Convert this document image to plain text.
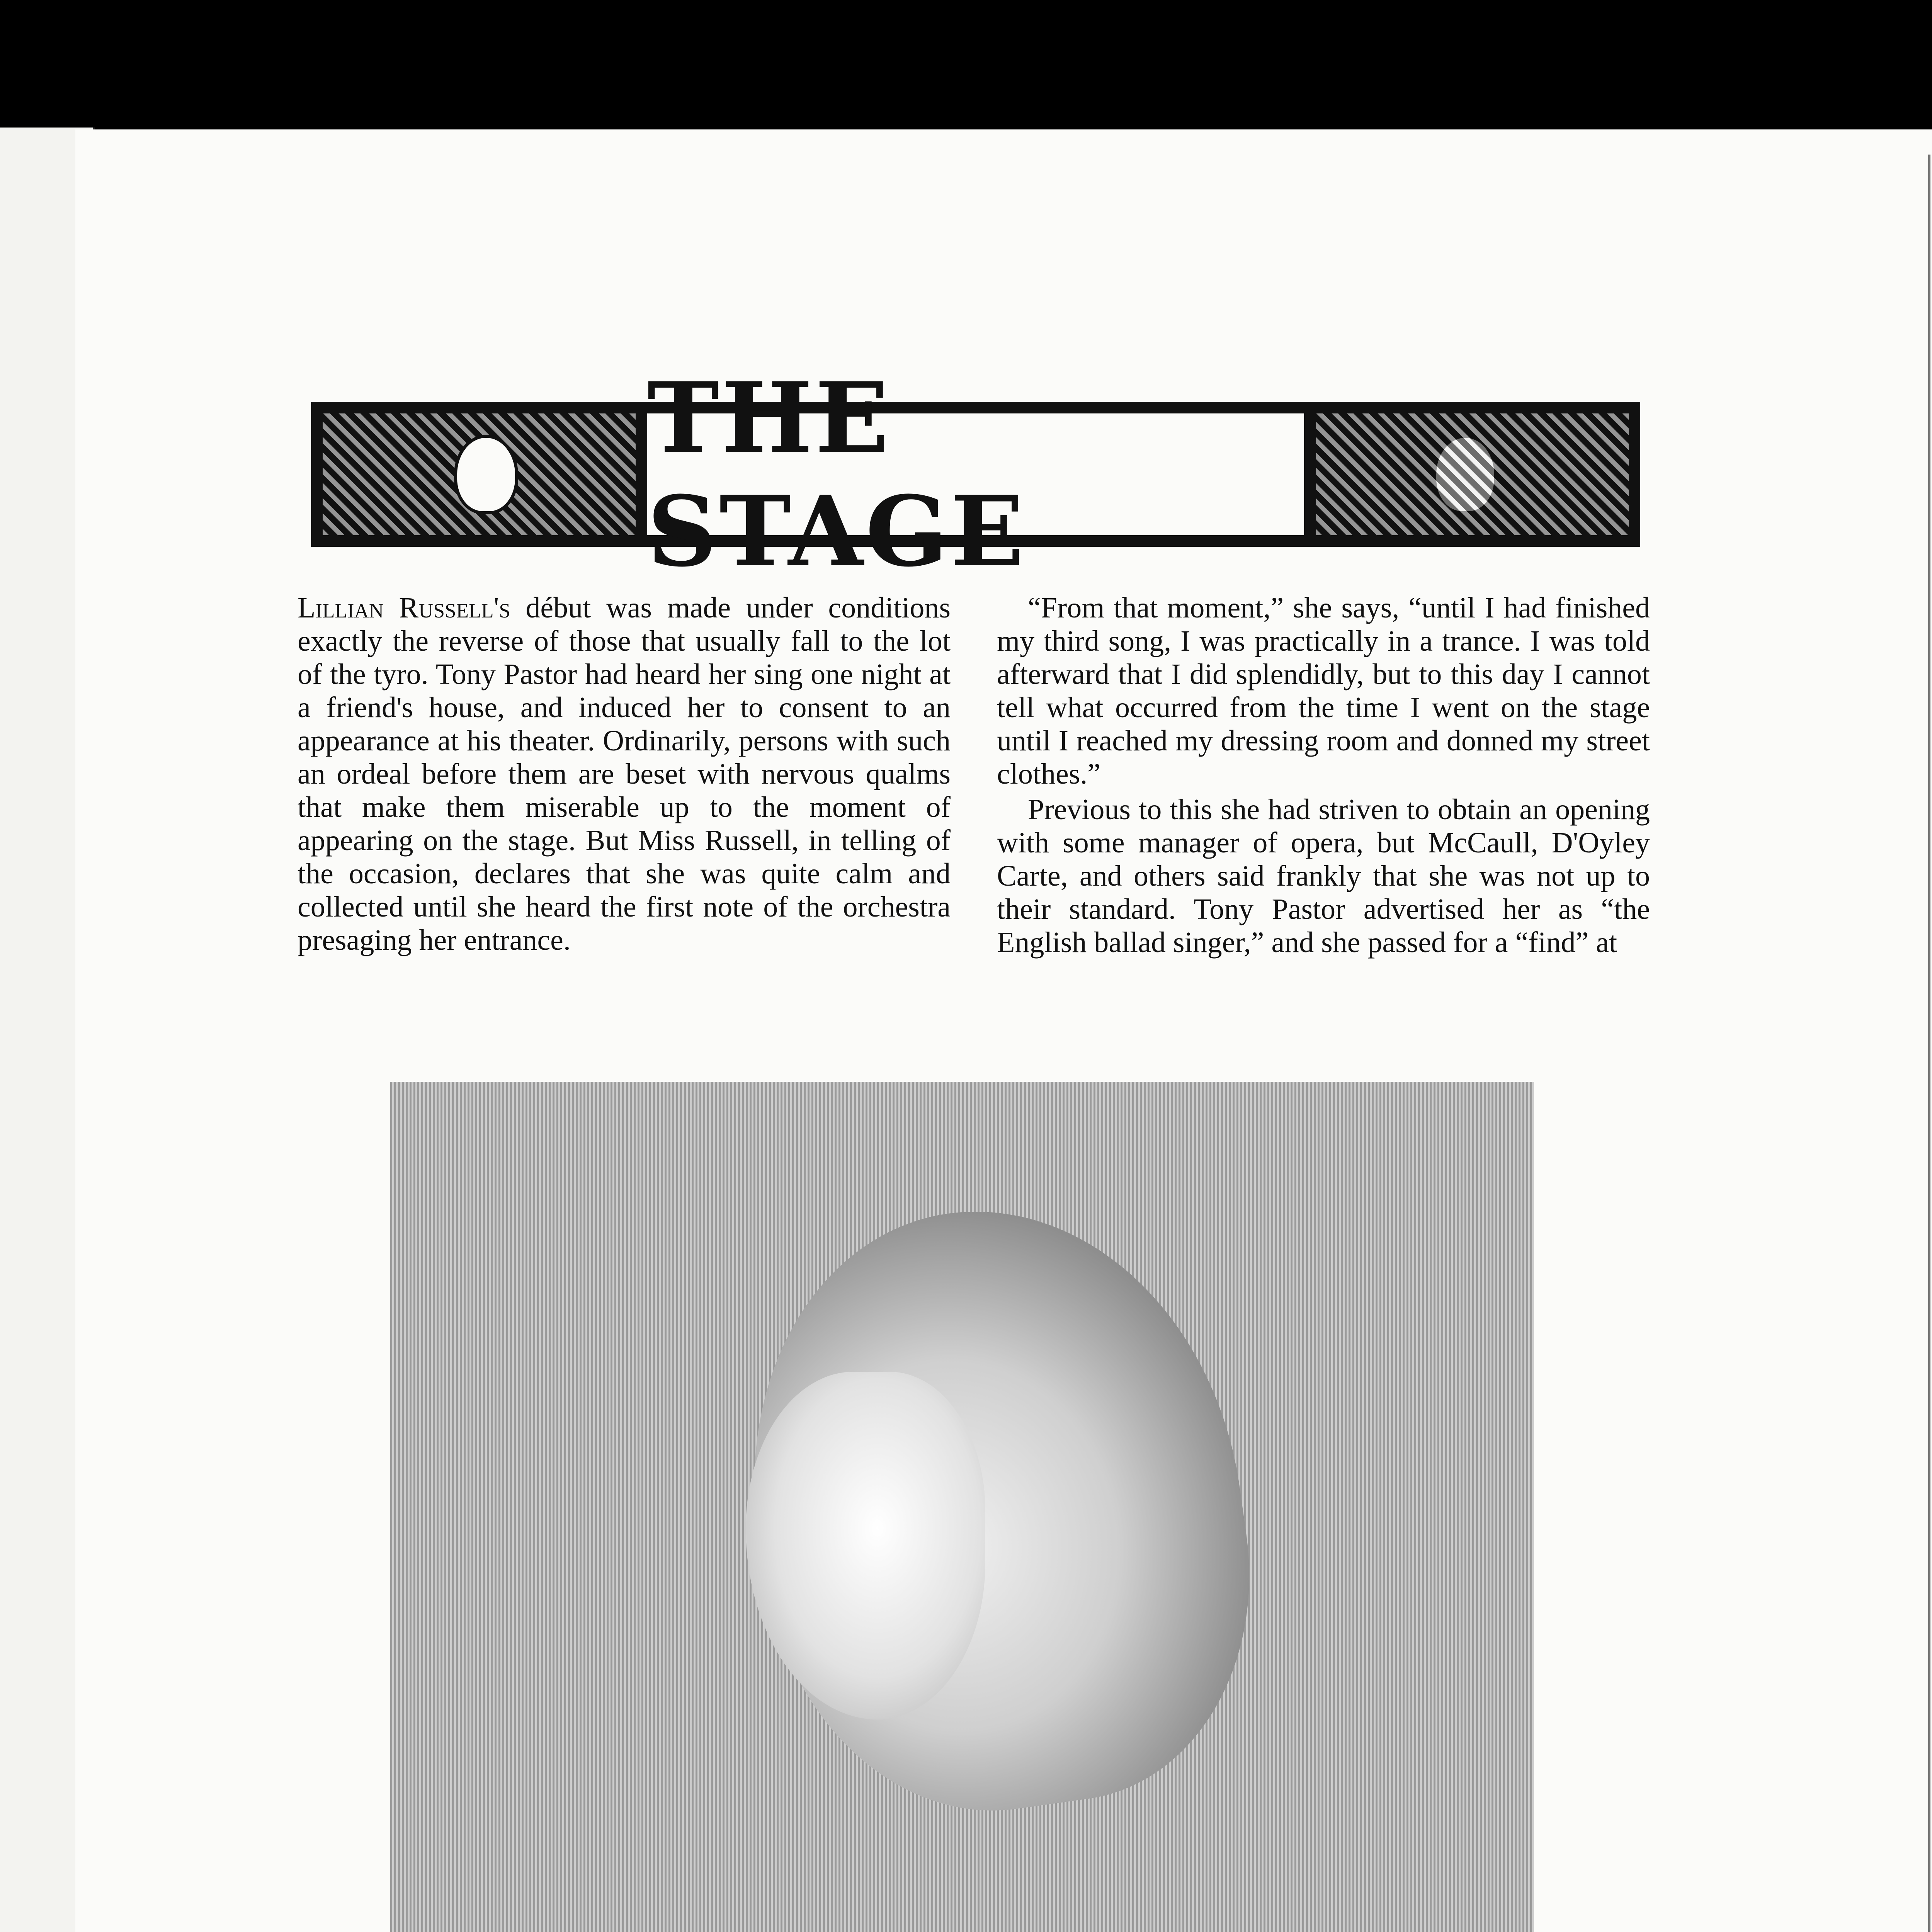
THE STAGE

Lillian Russell's début was made under conditions exactly the reverse of those that usually fall to the lot of the tyro. Tony Pastor had heard her sing one night at a friend's house, and induced her to consent to an appearance at his theater. Ordinarily, persons with such an ordeal before them are beset with nervous qualms that make them miserable up to the moment of appearing on the stage. But Miss Russell, in telling of the occasion, declares that she was quite calm and collected until she heard the first note of the orchestra presaging her entrance.

“From that moment,” she says, “until I had finished my third song, I was practically in a trance. I was told afterward that I did splendidly, but to this day I cannot tell what occurred from the time I went on the stage until I reached my dressing room and donned my street clothes.”

Previous to this she had striven to obtain an opening with some manager of opera, but McCaull, D'Oyley Carte, and others said frankly that she was not up to their standard. Tony Pastor advertised her as “the English ballad singer,” and she passed for a “find” at
